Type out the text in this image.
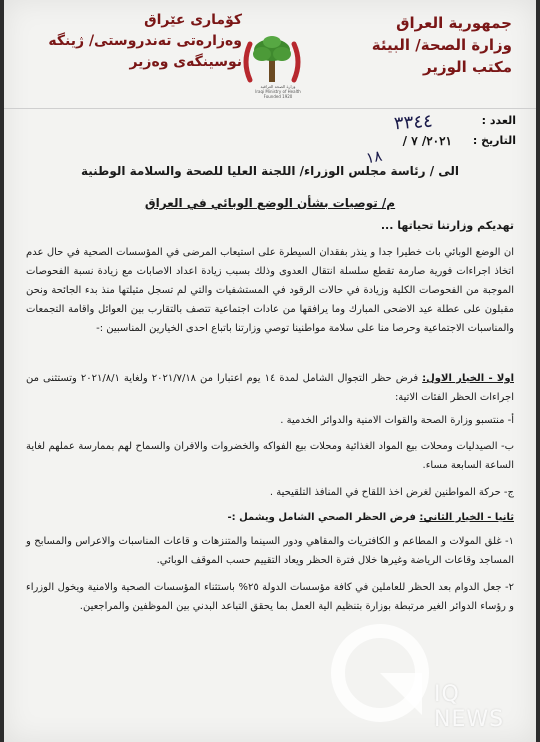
جمهورية العراق
وزارة الصحة/ البيئة
مكتب الوزير
كۆماری عێراق
وەزارەتی تەندروستی/ ژینگە
نوسینگەی وەزیر
وزارة الصحة العراقية
Iraqi Ministry of Health
Founded 1920
العدد :
التاريخ :
٢٠٢١/ ٧ /
٣٣٤٤
١٨
الى / رئاسة مجلس الوزراء/ اللجنة العليا للصحة والسلامة الوطنية
م/ توصيات بشأن الوضع الوبائي في العراق
تهديكم وزارتنا تحياتها ...
ان الوضع الوبائي بات خطيرا جدا و ينذر بفقدان السيطرة على استيعاب المرضى في المؤسسات الصحية في حال عدم اتخاذ اجراءات فورية صارمة تقطع سلسلة انتقال العدوى وذلك بسبب زيادة اعداد الاصابات مع زيادة نسبة الفحوصات الموجبة من الفحوصات الكلية وزيادة في حالات الرقود في المستشفيات والتي لم تسجل مثيلتها منذ بدء الجائحة ونحن مقبلون على عطلة عيد الاضحى المبارك وما يرافقها من عادات اجتماعية تتصف بالتقارب بين العوائل واقامة التجمعات والمناسبات الاجتماعية وحرصا منا على سلامة مواطنينا توصي وزارتنا باتباع احدى الخيارين المناسبين :-
اولا - الخيار الاول: فرض حظر التجوال الشامل لمدة ١٤ يوم اعتبارا من ٢٠٢١/٧/١٨ ولغاية ٢٠٢١/٨/١ وتستثنى من اجراءات الحظر الفئات الاتية:
أ- منتسبو وزارة الصحة والقوات الامنية والدوائر الخدمية .
ب- الصيدليات ومحلات بيع المواد الغذائية ومحلات بيع الفواكه والخضروات والافران والسماح لهم بممارسة عملهم لغاية الساعة السابعة مساء.
ج- حركة المواطنين لغرض اخذ اللقاح في المنافذ التلقيحية .
ثانيا - الخيار الثاني: فرض الحظر الصحي الشامل ويشمل :-
١- غلق المولات و المطاعم و الكافتريات والمقاهي ودور السينما والمتنزهات و قاعات المناسبات والاعراس والمسابح و المساجد وقاعات الرياضة وغيرها خلال فترة الحظر ويعاد التقييم حسب الموقف الوبائي.
٢- جعل الدوام بعد الحظر للعاملين في كافة مؤسسات الدولة ٢٥% باستثناء المؤسسات الصحية والامنية ويخول الوزراء و رؤساء الدوائر الغير مرتبطة بوزارة بتنظيم الية العمل بما يحقق التباعد البدني بين الموظفين والمراجعين.
IQ NEWS
